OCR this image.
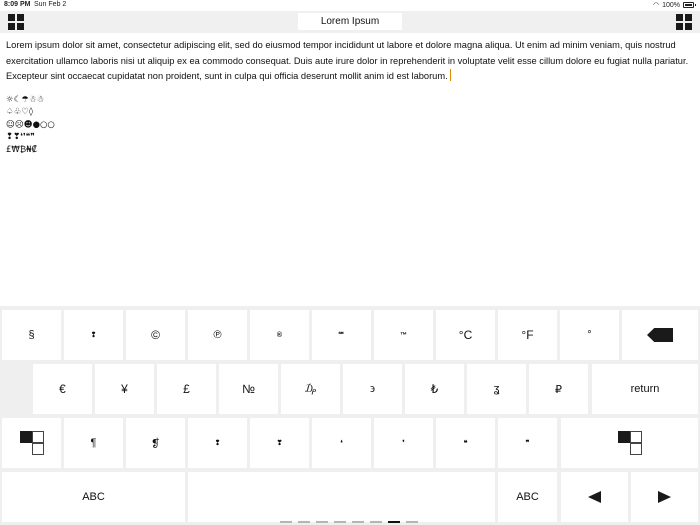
8:09 PM Sun Feb 2	◠ 100%
Lorem Ipsum
Lorem ipsum dolor sit amet, consectetur adipiscing elit, sed do eiusmod tempor incididunt ut labore et dolore magna aliqua. Ut enim ad minim veniam, quis nostrud exercitation ullamco laboris nisi ut aliquip ex ea commodo consequat. Duis aute irure dolor in reprehenderit in voluptate velit esse cillum dolore eu fugiat nulla pariatur. Excepteur sint occaecat cupidatat non proident, sunt in culpa qui officia deserunt mollit anim id est laborum.
☼☾☂☃☃
♤♧♡◊
☺☹☻●○○
❢❣❛❜❝❞
£₩₿₦₡
§	❢	©	℗	®	℠	™	°C	°F	°
€	¥	£	№	₯	϶	₺	ʓ	₽	return
¶	❡	❢	❣	❛	❜	❝	❞
ABC	ABC
